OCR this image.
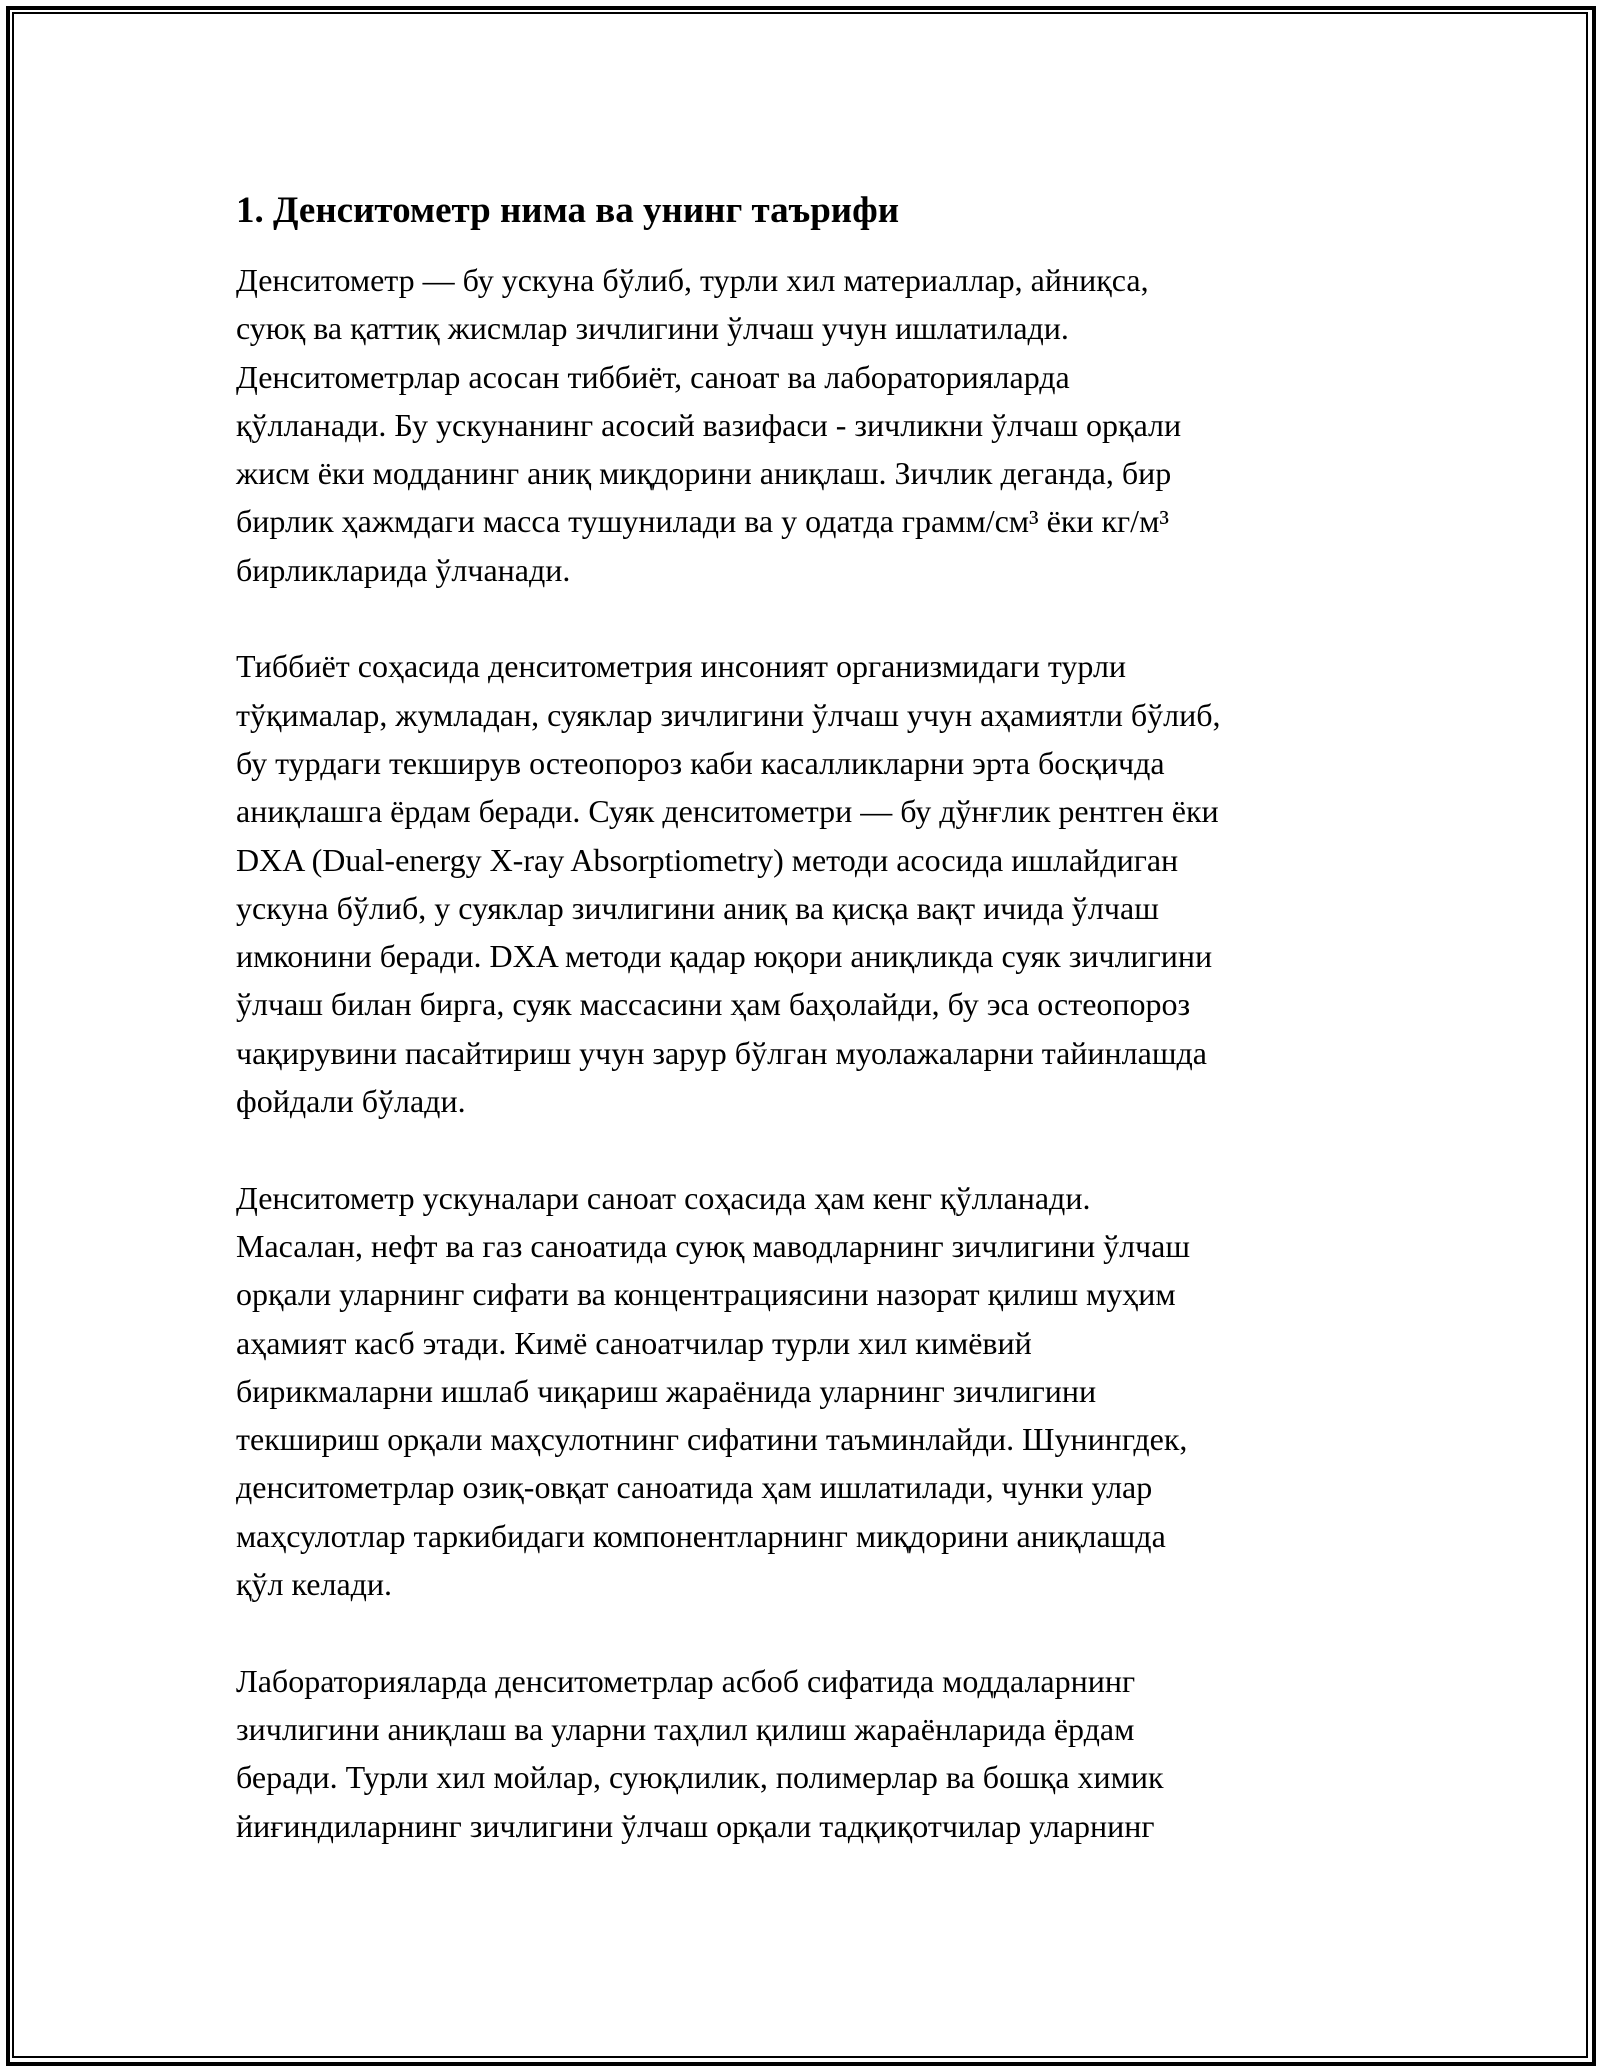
1. Денситометр нима ва унинг таърифи

Денситометр — бу ускуна бўлиб, турли хил материаллар, айниқса,
суюқ ва қаттиқ жисмлар зичлигини ўлчаш учун ишлатилади.
Денситометрлар асосан тиббиёт, саноат ва лабораторияларда
қўлланади. Бу ускунанинг асосий вазифаси - зичликни ўлчаш орқали
жисм ёки модданинг аниқ миқдорини аниқлаш. Зичлик деганда, бир
бирлик ҳажмдаги масса тушунилади ва у одатда грамм/см³ ёки кг/м³
бирликларида ўлчанади.

Тиббиёт соҳасида денситометрия инсоният организмидаги турли
тўқималар, жумладан, суяклар зичлигини ўлчаш учун аҳамиятли бўлиб,
бу турдаги текширув остеопороз каби касалликларни эрта босқичда
аниқлашга ёрдам беради. Суяк денситометри — бу дўнғлик рентген ёки
DXA (Dual-energy X-ray Absorptiometry) методи асосида ишлайдиган
ускуна бўлиб, у суяклар зичлигини аниқ ва қисқа вақт ичида ўлчаш
имконини беради. DXA методи қадар юқори аниқликда суяк зичлигини
ўлчаш билан бирга, суяк массасини ҳам баҳолайди, бу эса остеопороз
чақирувини пасайтириш учун зарур бўлган муолажаларни тайинлашда
фойдали бўлади.

Денситометр ускуналари саноат соҳасида ҳам кенг қўлланади.
Масалан, нефт ва газ саноатида суюқ маводларнинг зичлигини ўлчаш
орқали уларнинг сифати ва концентрациясини назорат қилиш муҳим
аҳамият касб этади. Кимё саноатчилар турли хил кимёвий
бирикмаларни ишлаб чиқариш жараёнида уларнинг зичлигини
текшириш орқали маҳсулотнинг сифатини таъминлайди. Шунингдек,
денситометрлар озиқ-овқат саноатида ҳам ишлатилади, чунки улар
маҳсулотлар таркибидаги компонентларнинг миқдорини аниқлашда
қўл келади.

Лабораторияларда денситометрлар асбоб сифатида моддаларнинг
зичлигини аниқлаш ва уларни таҳлил қилиш жараёнларида ёрдам
беради. Турли хил мойлар, суюқлилик, полимерлар ва бошқа химик
йиғиндиларнинг зичлигини ўлчаш орқали тадқиқотчилар уларнинг
